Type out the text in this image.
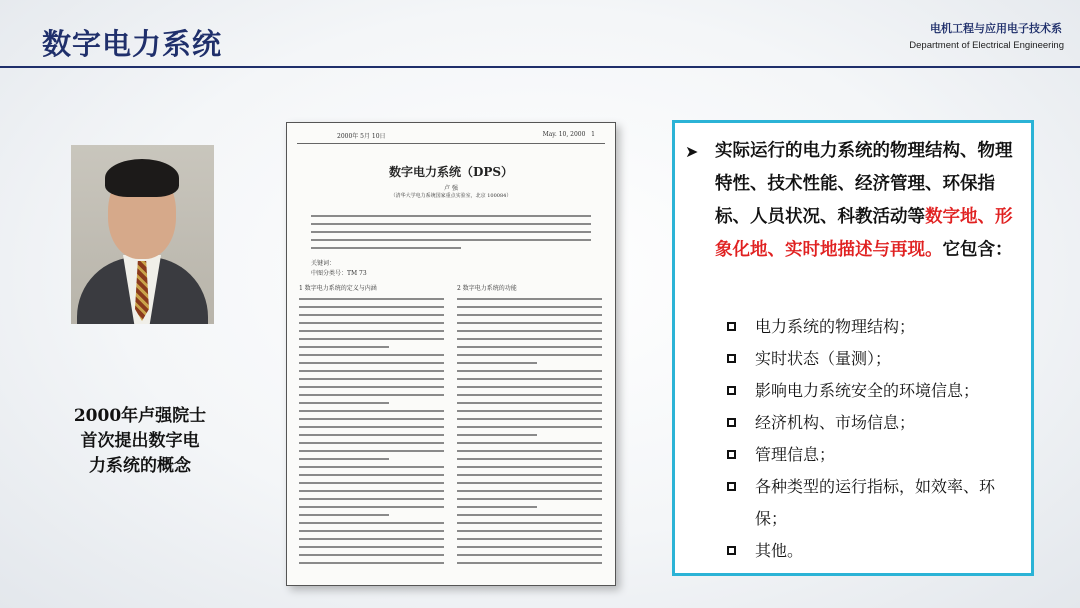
数字电力系统	电机工程与应用电子技术系
Department of Electrical Engineering
2000年卢强院士
首次提出数字电
力系统的概念
2000年 5月 10日	May. 10, 2000 1
数字电力系统（DPS）
卢 强
（清华大学电力系统国家重点实验室，北京 100084）
关键词：
中图分类号：TM 73
1 数字电力系统的定义与内涵	2 数字电力系统的功能
➤ 实际运行的电力系统的物理结构、物理特性、技术性能、经济管理、环保指标、人员状况、科教活动等数字地、形象化地、实时地描述与再现。它包含：
电力系统的物理结构；
实时状态（量测）；
影响电力系统安全的环境信息；
经济机构、市场信息；
管理信息；
各种类型的运行指标，如效率、环保；
其他。
